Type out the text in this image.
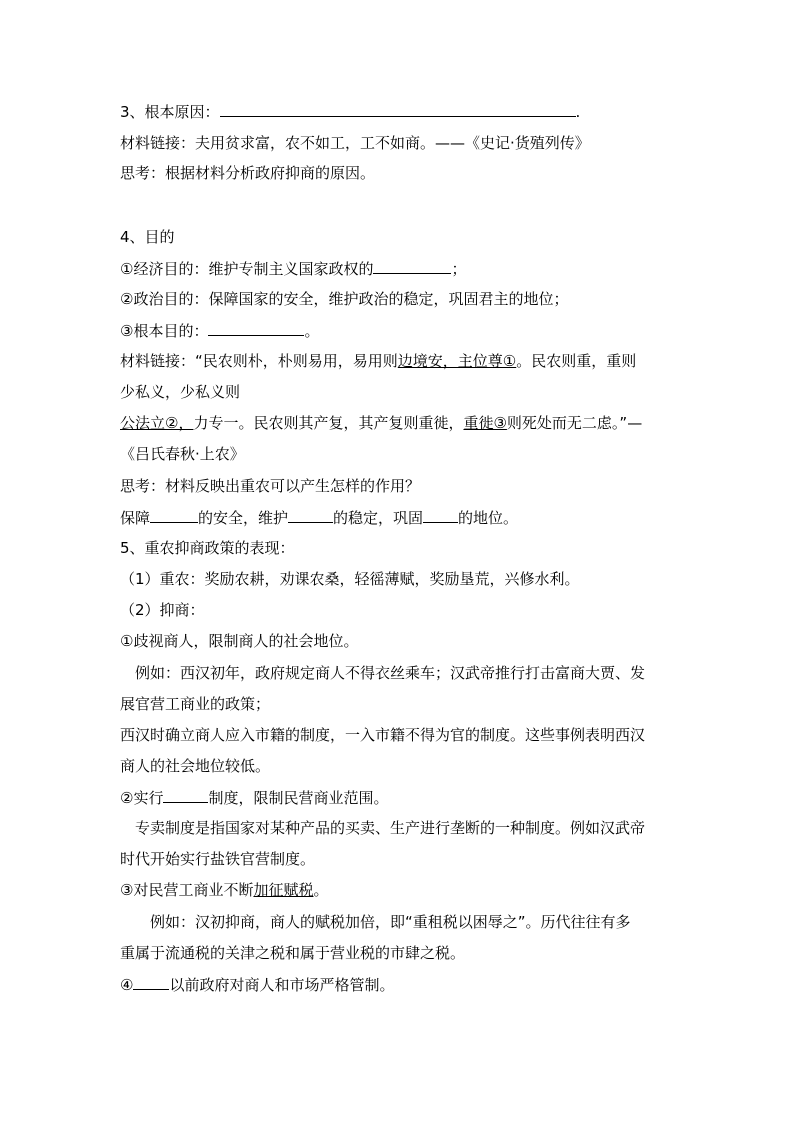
3、根本原因：	.
材料链接：夫用贫求富，农不如工，工不如商。——《史记·货殖列传》
思考：根据材料分析政府抑商的原因。
4、目的
①经济目的：维护专制主义国家政权的	；
②政治目的：保障国家的安全，维护政治的稳定，巩固君主的地位；
③根本目的：	。
材料链接：“民农则朴，朴则易用，易用则边境安，主位尊①。民农则重，重则
少私义，少私义则
公法立②，力专一。民农则其产复，其产复则重徙，重徙③则死处而无二虑。”—
《吕氏春秋·上农》
思考：材料反映出重农可以产生怎样的作用？
保障	的安全，维护	的稳定，巩固 的地位。
5、重农抑商政策的表现：
（1）重农：奖励农耕，劝课农桑，轻徭薄赋，奖励垦荒，兴修水利。
（2）抑商：
①歧视商人，限制商人的社会地位。
例如：西汉初年，政府规定商人不得衣丝乘车；汉武帝推行打击富商大贾、发
展官营工商业的政策；
西汉时确立商人应入市籍的制度，一入市籍不得为官的制度。这些事例表明西汉
商人的社会地位较低。
②实行	制度，限制民营商业范围。
专卖制度是指国家对某种产品的买卖、生产进行垄断的一种制度。例如汉武帝
时代开始实行盐铁官营制度。
③对民营工商业不断加征赋税。
例如：汉初抑商，商人的赋税加倍，即“重租税以困辱之”。历代往往有多
重属于流通税的关津之税和属于营业税的市肆之税。
④ 以前政府对商人和市场严格管制。
